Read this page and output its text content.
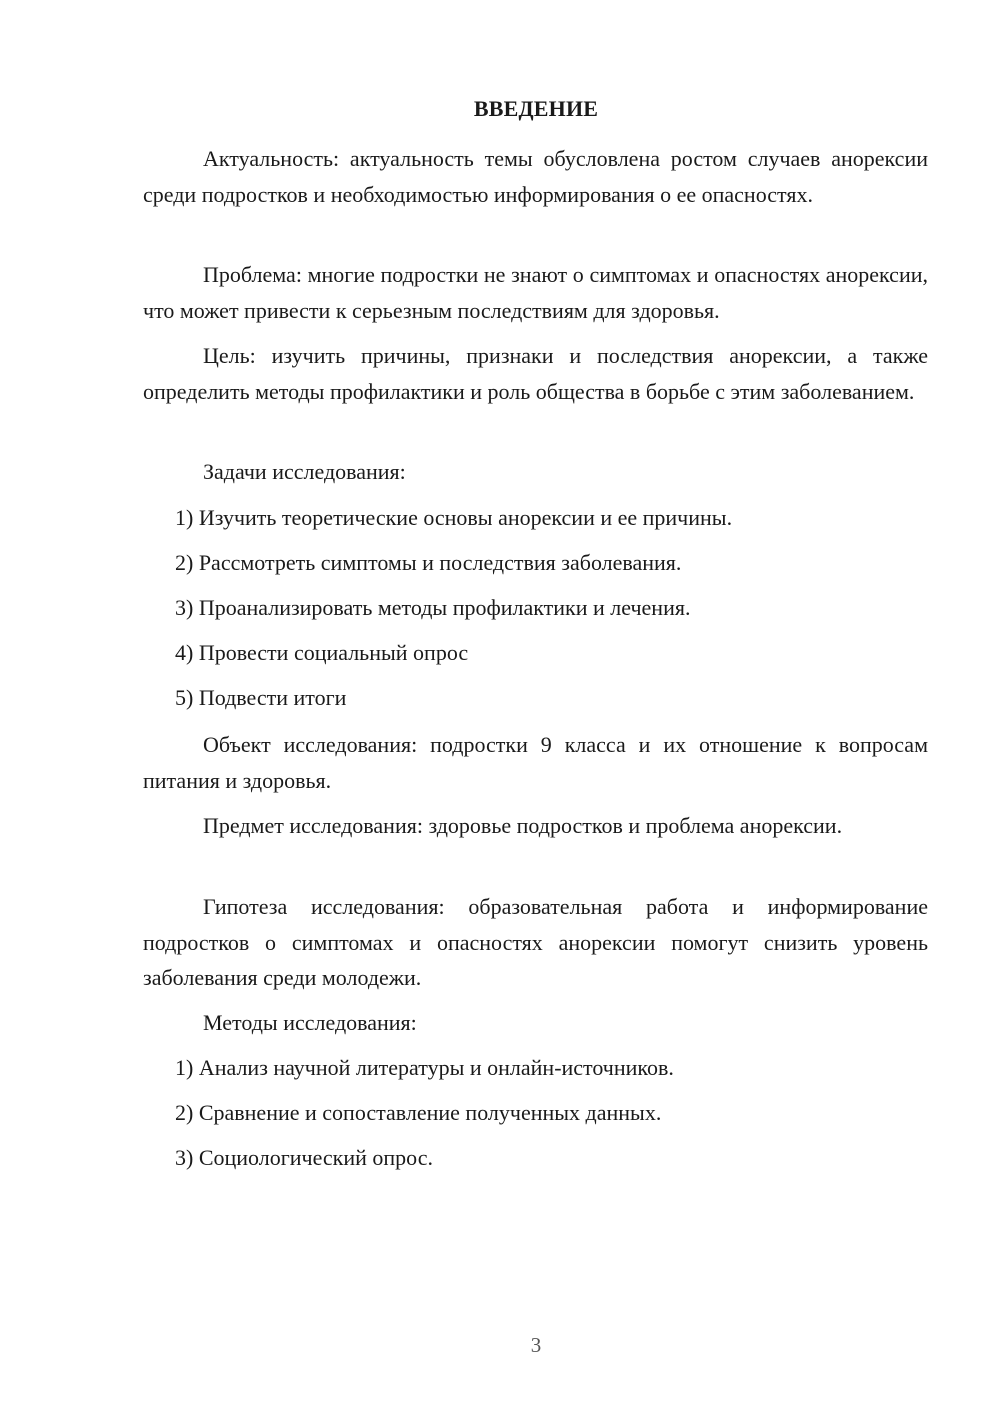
ВВЕДЕНИЕ
Актуальность: актуальность темы обусловлена ростом случаев анорексии среди подростков и необходимостью информирования о ее опасностях.
Проблема: многие подростки не знают о симптомах и опасностях анорексии, что может привести к серьезным последствиям для здоровья.
Цель: изучить причины, признаки и последствия анорексии, а также определить методы профилактики и роль общества в борьбе с этим заболеванием.
Задачи исследования:
1) Изучить теоретические основы анорексии и ее причины.
2) Рассмотреть симптомы и последствия заболевания.
3) Проанализировать методы профилактики и лечения.
4) Провести социальный опрос
5) Подвести итоги
Объект исследования: подростки 9 класса и их отношение к вопросам питания и здоровья.
Предмет исследования: здоровье подростков и проблема анорексии.
Гипотеза исследования: образовательная работа и информирование подростков о симптомах и опасностях анорексии помогут снизить уровень заболевания среди молодежи.
Методы исследования:
1) Анализ научной литературы и онлайн-источников.
2) Сравнение и сопоставление полученных данных.
3) Социологический опрос.
3
